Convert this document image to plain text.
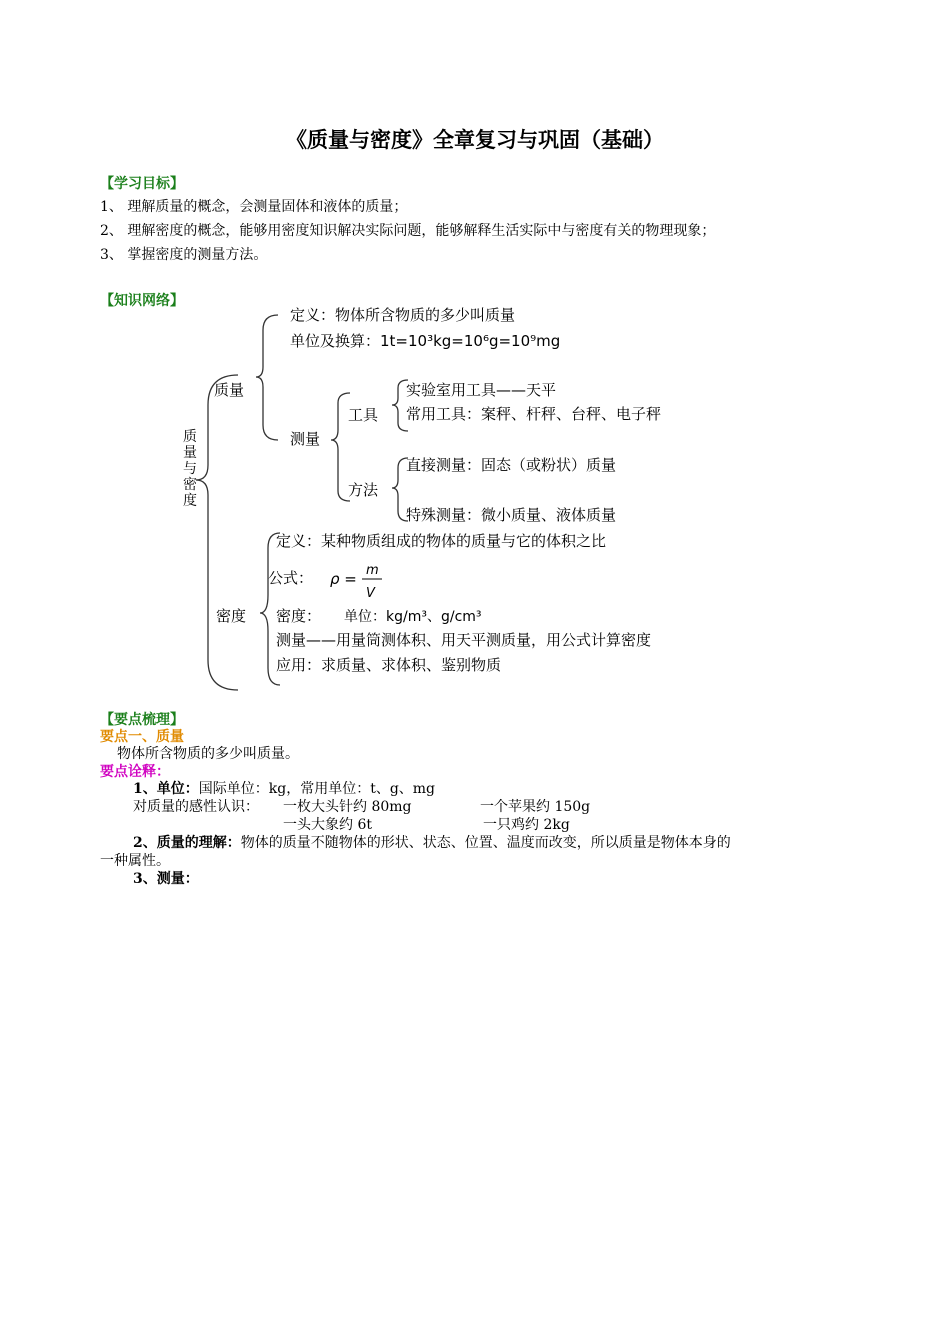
《质量与密度》全章复习与巩固（基础）
【学习目标】
1、 理解质量的概念，会测量固体和液体的质量；
2、 理解密度的概念，能够用密度知识解决实际问题，能够解释生活实际中与密度有关的物理现象；
3、 掌握密度的测量方法。
【知识网络】
质量与密度
质量
定义：物体所含物质的多少叫质量
单位及换算：1t=10³kg=10⁶g=10⁹mg
测量
工具
实验室用工具——天平
常用工具：案秤、杆秤、台秤、电子秤
方法
直接测量：固态（或粉状）质量
特殊测量：微小质量、液体质量
密度
定义：某种物质组成的物体的质量与它的体积之比
公式： ρ = m
V
密度： 单位：kg/m³、g/cm³
测量——用量筒测体积、用天平测质量，用公式计算密度
应用：求质量、求体积、鉴别物质
【要点梳理】
要点一、质量
物体所含物质的多少叫质量。
要点诠释：
1、单位：国际单位：kg，常用单位：t、g、mg
对质量的感性认识： 一枚大头针约 80mg	一个苹果约 150g
一头大象约 6t	一只鸡约 2kg
2、质量的理解：物体的质量不随物体的形状、状态、位置、温度而改变，所以质量是物体本身的
一种属性。
3、测量：
